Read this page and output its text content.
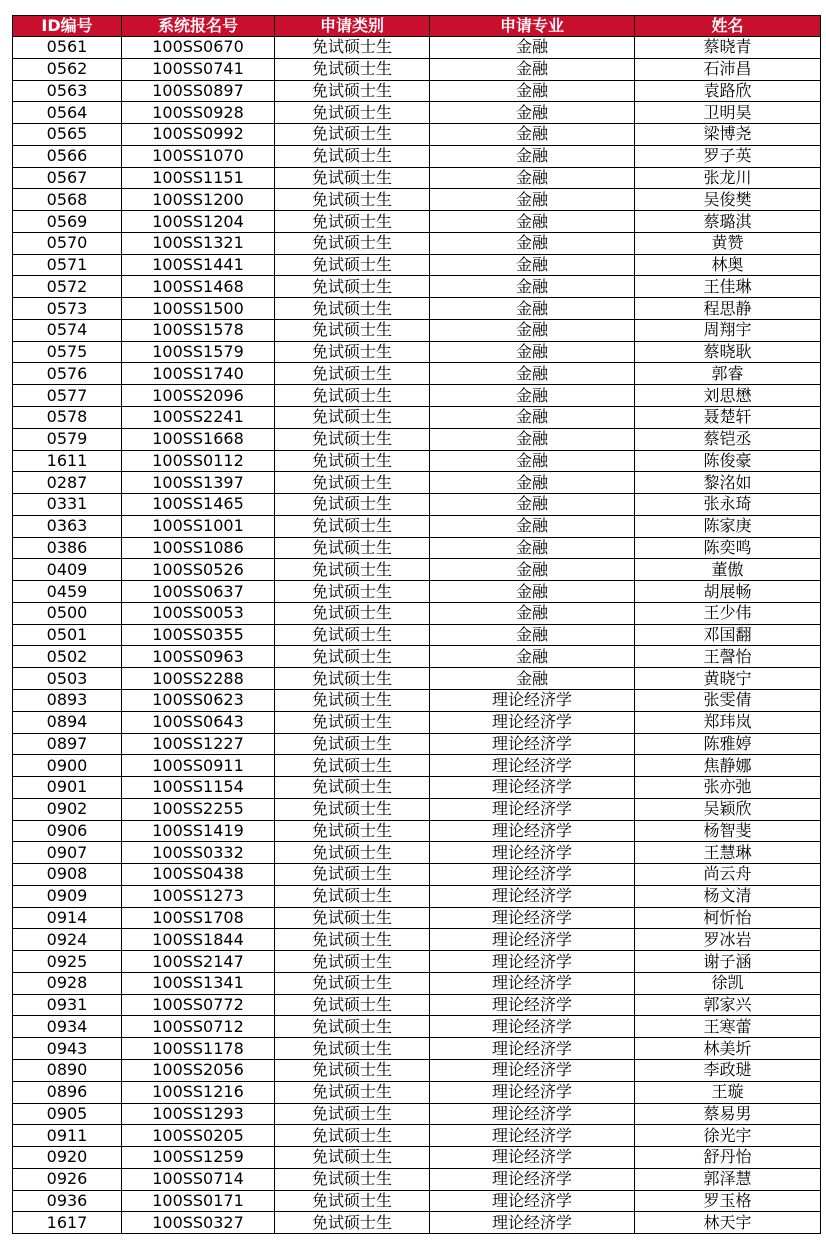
ID编号	系统报名号	申请类别	申请专业	姓名
0561	100SS0670	免试硕士生	金融	蔡晓青
0562	100SS0741	免试硕士生	金融	石沛昌
0563	100SS0897	免试硕士生	金融	袁路欣
0564	100SS0928	免试硕士生	金融	卫明昊
0565	100SS0992	免试硕士生	金融	梁博尧
0566	100SS1070	免试硕士生	金融	罗子英
0567	100SS1151	免试硕士生	金融	张龙川
0568	100SS1200	免试硕士生	金融	吴俊樊
0569	100SS1204	免试硕士生	金融	蔡璐淇
0570	100SS1321	免试硕士生	金融	黄赞
0571	100SS1441	免试硕士生	金融	林奥
0572	100SS1468	免试硕士生	金融	王佳琳
0573	100SS1500	免试硕士生	金融	程思静
0574	100SS1578	免试硕士生	金融	周翔宇
0575	100SS1579	免试硕士生	金融	蔡晓耿
0576	100SS1740	免试硕士生	金融	郭睿
0577	100SS2096	免试硕士生	金融	刘思懋
0578	100SS2241	免试硕士生	金融	聂楚轩
0579	100SS1668	免试硕士生	金融	蔡铠丞
1611	100SS0112	免试硕士生	金融	陈俊豪
0287	100SS1397	免试硕士生	金融	黎洺如
0331	100SS1465	免试硕士生	金融	张永琦
0363	100SS1001	免试硕士生	金融	陈家庚
0386	100SS1086	免试硕士生	金融	陈奕鸣
0409	100SS0526	免试硕士生	金融	董傲
0459	100SS0637	免试硕士生	金融	胡展畅
0500	100SS0053	免试硕士生	金融	王少伟
0501	100SS0355	免试硕士生	金融	邓国翻
0502	100SS0963	免试硕士生	金融	王謦怡
0503	100SS2288	免试硕士生	金融	黄晓宁
0893	100SS0623	免试硕士生	理论经济学	张雯倩
0894	100SS0643	免试硕士生	理论经济学	郑玮岚
0897	100SS1227	免试硕士生	理论经济学	陈雅婷
0900	100SS0911	免试硕士生	理论经济学	焦静娜
0901	100SS1154	免试硕士生	理论经济学	张亦弛
0902	100SS2255	免试硕士生	理论经济学	吴颖欣
0906	100SS1419	免试硕士生	理论经济学	杨智斐
0907	100SS0332	免试硕士生	理论经济学	王慧琳
0908	100SS0438	免试硕士生	理论经济学	尚云舟
0909	100SS1273	免试硕士生	理论经济学	杨文清
0914	100SS1708	免试硕士生	理论经济学	柯忻怡
0924	100SS1844	免试硕士生	理论经济学	罗冰岩
0925	100SS2147	免试硕士生	理论经济学	谢子涵
0928	100SS1341	免试硕士生	理论经济学	徐凯
0931	100SS0772	免试硕士生	理论经济学	郭家兴
0934	100SS0712	免试硕士生	理论经济学	王寒蕾
0943	100SS1178	免试硕士生	理论经济学	林美圻
0890	100SS2056	免试硕士生	理论经济学	李政琎
0896	100SS1216	免试硕士生	理论经济学	王璇
0905	100SS1293	免试硕士生	理论经济学	蔡易男
0911	100SS0205	免试硕士生	理论经济学	徐光宇
0920	100SS1259	免试硕士生	理论经济学	舒丹怡
0926	100SS0714	免试硕士生	理论经济学	郭泽慧
0936	100SS0171	免试硕士生	理论经济学	罗玉格
1617	100SS0327	免试硕士生	理论经济学	林天宇
